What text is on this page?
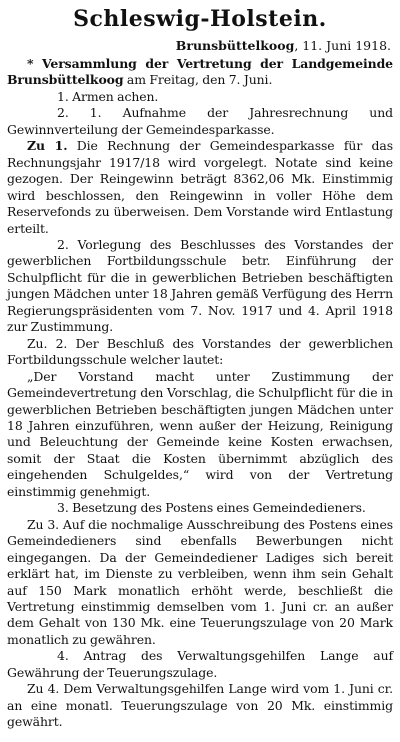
Schleswig-Holstein.
Brunsbüttelkoog, 11. Juni 1918.

* Versammlung der Vertretung der Landgemeinde Brunsbüttelkoog am Freitag, den 7. Juni.

1. Armen achen.

2. 1. Aufnahme der Jahresrechnung und Gewinnverteilung der Gemeindesparkasse.

Zu 1. Die Rechnung der Gemeindesparkasse für das Rechnungsjahr 1917/18 wird vorgelegt. Notate sind keine gezogen. Der Reingewinn beträgt 8362,06 Mk. Einstimmig wird beschlossen, den Reingewinn in voller Höhe dem Reservefonds zu überweisen. Dem Vorstande wird Entlastung erteilt.

2. Vorlegung des Beschlusses des Vorstandes der gewerblichen Fortbildungsschule betr. Einführung der Schulpflicht für die in gewerblichen Betrieben beschäftigten jungen Mädchen unter 18 Jahren gemäß Verfügung des Herrn Regierungspräsidenten vom 7. Nov. 1917 und 4. April 1918 zur Zustimmung.

Zu. 2. Der Beschluß des Vorstandes der gewerblichen Fortbildungsschule welcher lautet:

„Der Vorstand macht unter Zustimmung der Gemeindevertretung den Vorschlag, die Schulpflicht für die in gewerblichen Betrieben beschäftigten jungen Mädchen unter 18 Jahren einzuführen, wenn außer der Heizung, Reinigung und Beleuchtung der Gemeinde keine Kosten erwachsen, somit der Staat die Kosten übernimmt abzüglich des eingehenden Schulgeldes,“ wird von der Vertretung einstimmig genehmigt.

3. Besetzung des Postens eines Gemeindedieners.

Zu 3. Auf die nochmalige Ausschreibung des Postens eines Gemeindedieners sind ebenfalls Bewerbungen nicht eingegangen. Da der Gemeindediener Ladiges sich bereit erklärt hat, im Dienste zu verbleiben, wenn ihm sein Gehalt auf 150 Mark monatlich erhöht werde, beschließt die Vertretung einstimmig demselben vom 1. Juni cr. an außer dem Gehalt von 130 Mk. eine Teuerungszulage von 20 Mark monatlich zu gewähren.

4. Antrag des Verwaltungsgehilfen Lange auf Gewährung der Teuerungszulage.

Zu 4. Dem Verwaltungsgehilfen Lange wird vom 1. Juni cr. an eine monatl. Teuerungszulage von 20 Mk. einstimmig gewährt.
